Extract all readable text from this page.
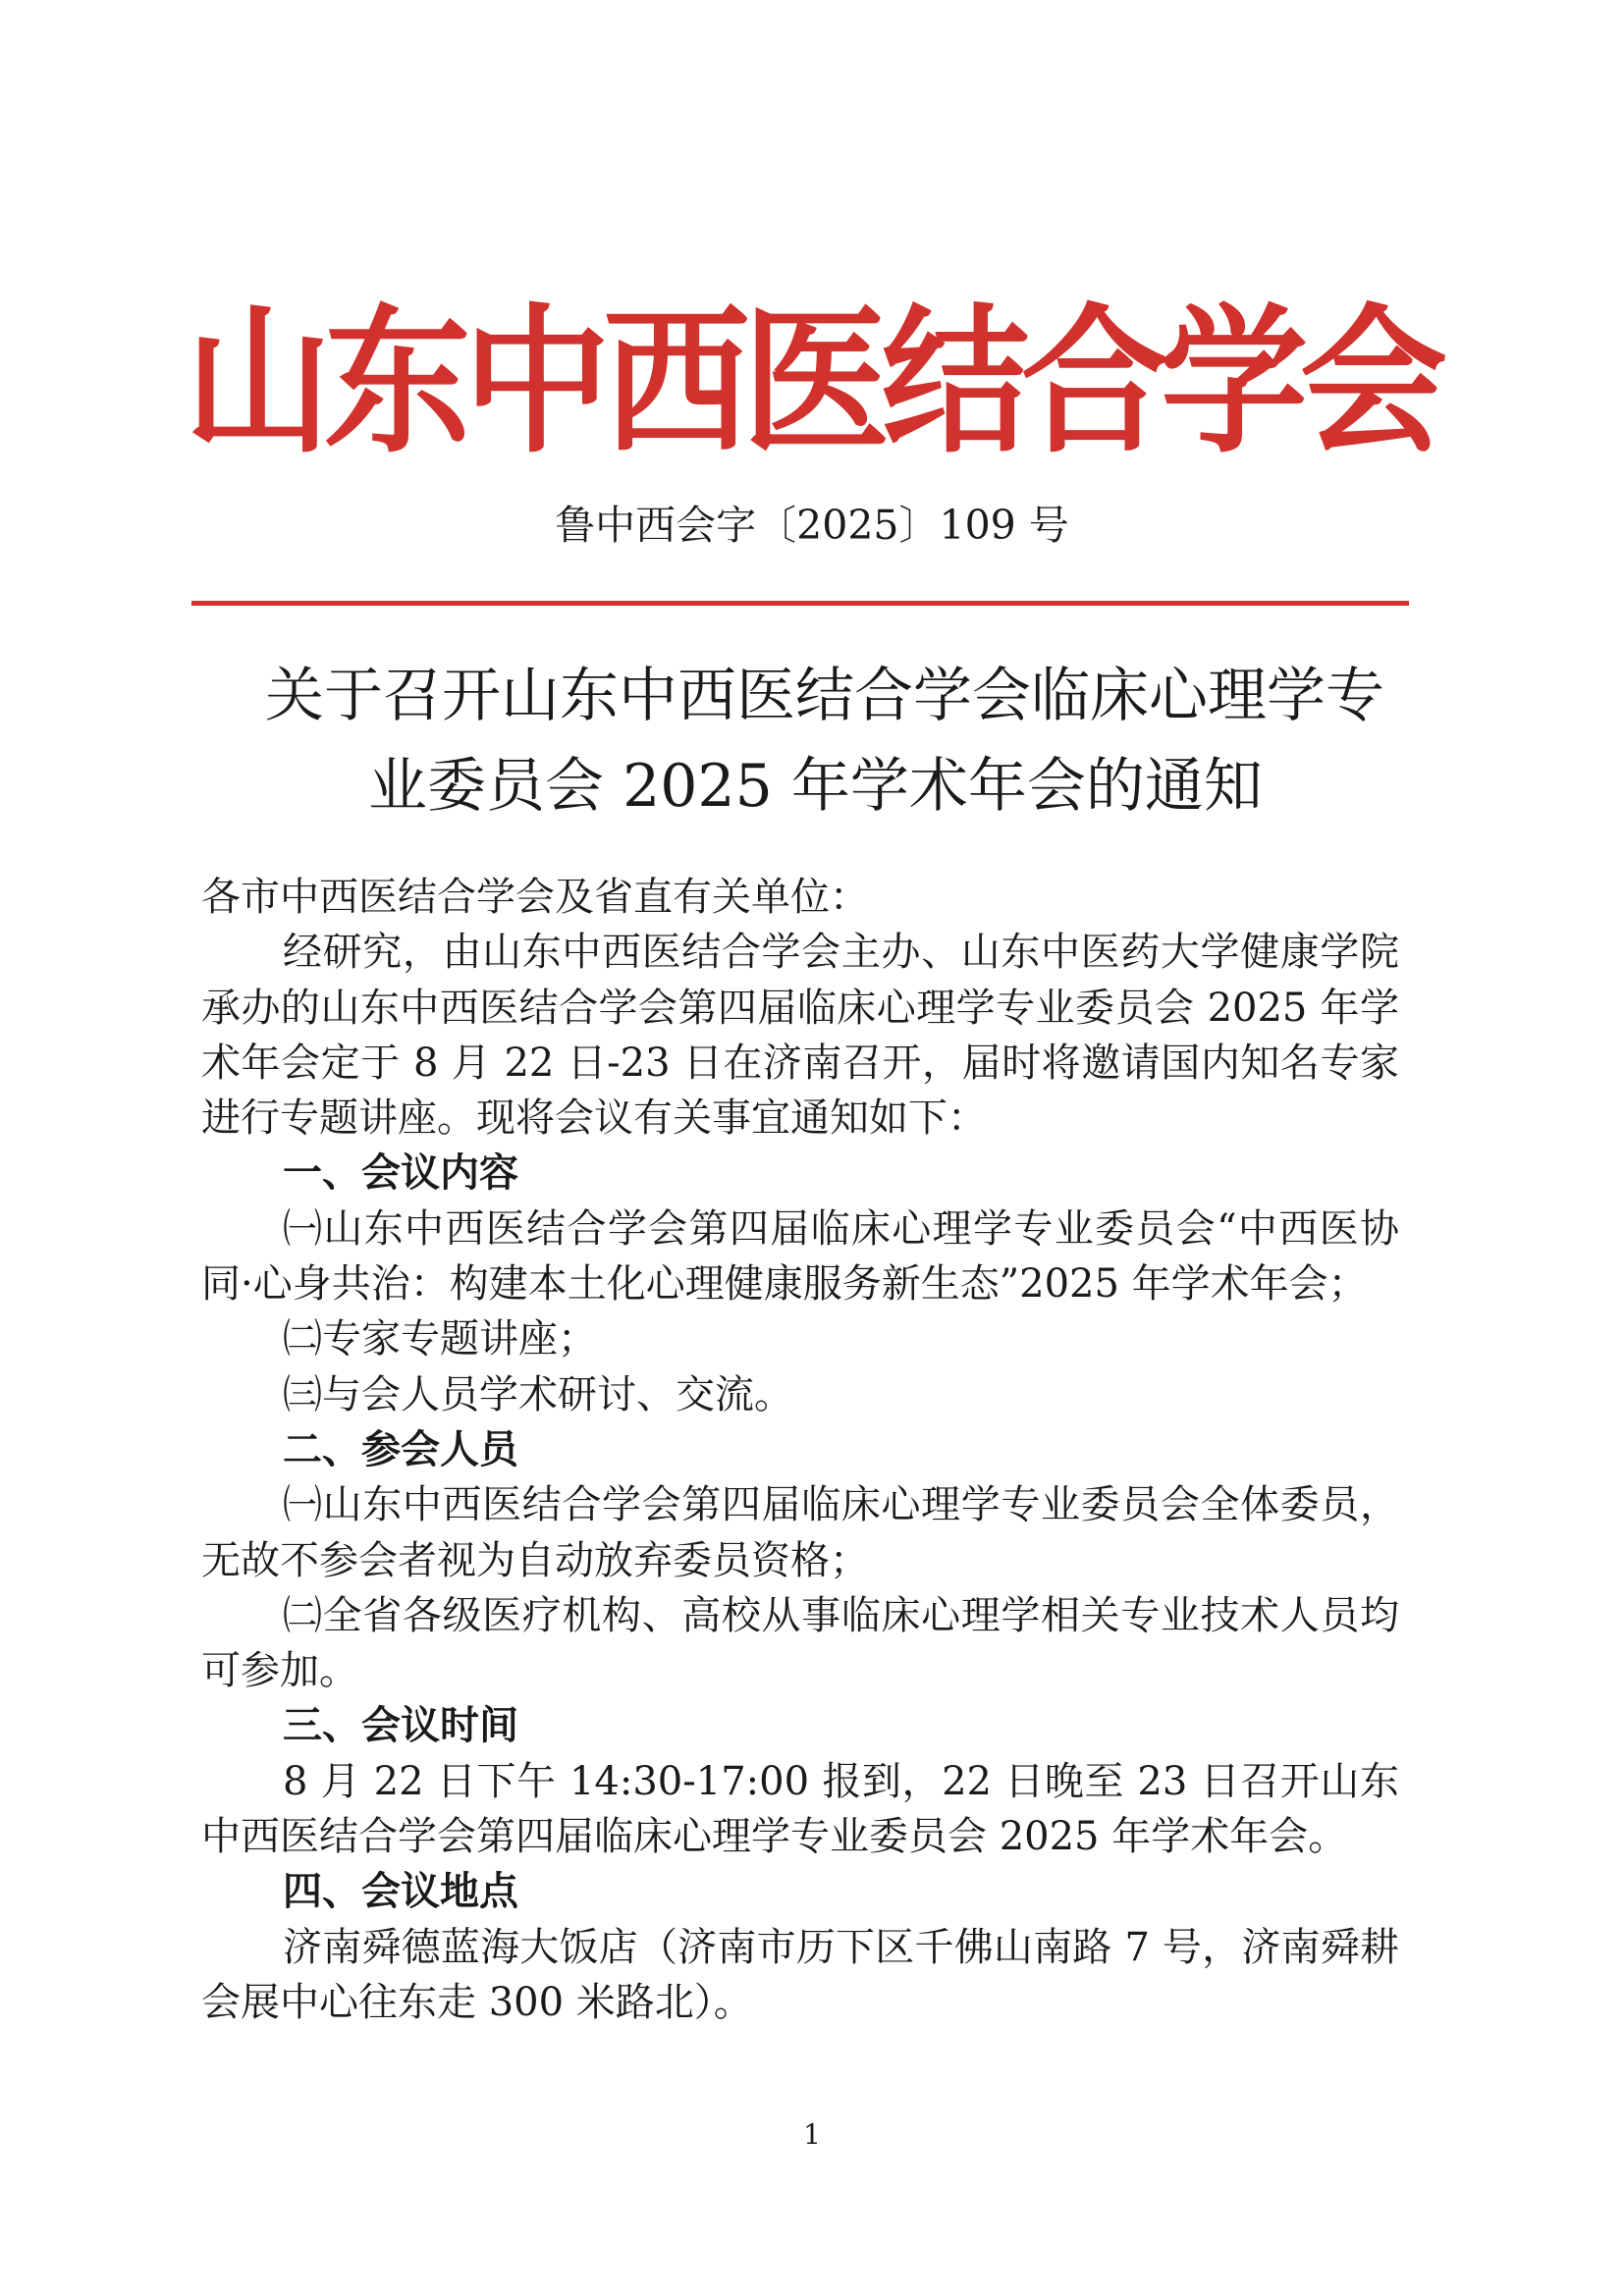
山东中西医结合学会
鲁中西会字〔2025〕109 号
关于召开山东中西医结合学会临床心理学专
业委员会 2025 年学术年会的通知

各市中西医结合学会及省直有关单位：

经研究，由山东中西医结合学会主办、山东中医药大学健康学院承办的山东中西医结合学会第四届临床心理学专业委员会 2025 年学术年会定于 8 月 22 日-23 日在济南召开，届时将邀请国内知名专家进行专题讲座。现将会议有关事宜通知如下：

一、会议内容

㈠山东中西医结合学会第四届临床心理学专业委员会“中西医协同·心身共治：构建本土化心理健康服务新生态”2025 年学术年会；

㈡专家专题讲座；

㈢与会人员学术研讨、交流。

二、参会人员

㈠山东中西医结合学会第四届临床心理学专业委员会全体委员，无故不参会者视为自动放弃委员资格；

㈡全省各级医疗机构、高校从事临床心理学相关专业技术人员均可参加。

三、会议时间

8 月 22 日下午 14:30-17:00 报到，22 日晚至 23 日召开山东中西医结合学会第四届临床心理学专业委员会 2025 年学术年会。

四、会议地点

济南舜德蓝海大饭店（济南市历下区千佛山南路 7 号，济南舜耕会展中心往东走 300 米路北）。

1
